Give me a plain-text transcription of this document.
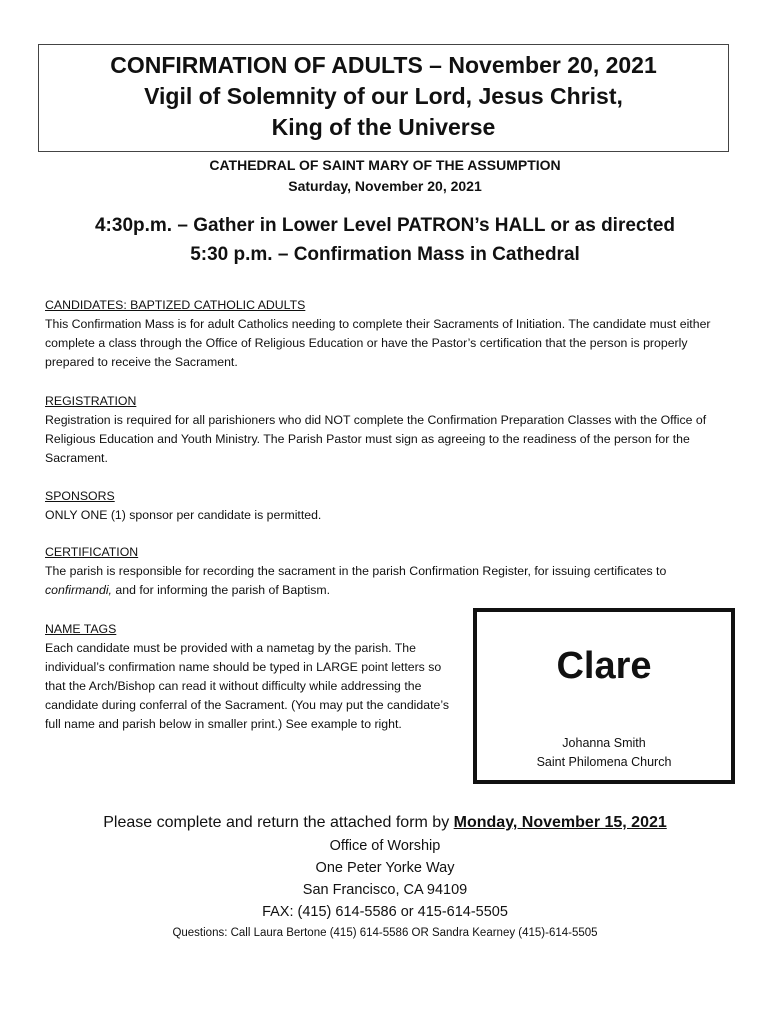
CONFIRMATION OF ADULTS – November 20, 2021
Vigil of Solemnity of our Lord, Jesus Christ,
King of the Universe
CATHEDRAL OF SAINT MARY OF THE ASSUMPTION
Saturday, November 20, 2021
4:30p.m. – Gather in Lower Level PATRON’s HALL or as directed
5:30 p.m. – Confirmation Mass in Cathedral
CANDIDATES: BAPTIZED CATHOLIC ADULTS
This Confirmation Mass is for adult Catholics needing to complete their Sacraments of Initiation. The candidate must either complete a class through the Office of Religious Education or have the Pastor’s certification that the person is properly prepared to receive the Sacrament.
REGISTRATION
Registration is required for all parishioners who did NOT complete the Confirmation Preparation Classes with the Office of Religious Education and Youth Ministry. The Parish Pastor must sign as agreeing to the readiness of the person for the Sacrament.
SPONSORS
ONLY ONE (1) sponsor per candidate is permitted.
CERTIFICATION
The parish is responsible for recording the sacrament in the parish Confirmation Register, for issuing certificates to confirmandi, and for informing the parish of Baptism.
NAME TAGS
Each candidate must be provided with a nametag by the parish. The individual’s confirmation name should be typed in LARGE point letters so that the Arch/Bishop can read it without difficulty while addressing the candidate during conferral of the Sacrament. (You may put the candidate’s full name and parish below in smaller print.) See example to right.
Clare
Johanna Smith
Saint Philomena Church
Please complete and return the attached form by Monday, November 15, 2021
Office of Worship
One Peter Yorke Way
San Francisco, CA 94109
FAX: (415) 614-5586 or 415-614-5505
Questions: Call Laura Bertone (415) 614-5586 OR Sandra Kearney (415)-614-5505
